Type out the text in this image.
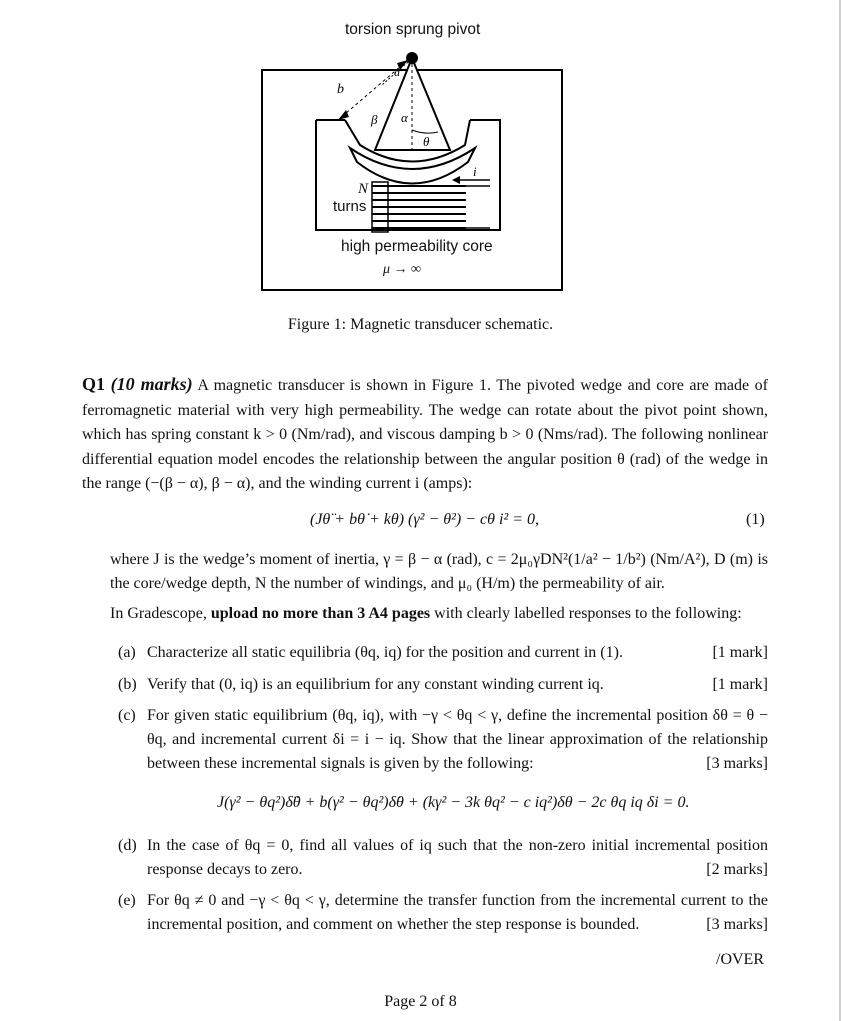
b
a
β α
θ
i
torsion sprung pivot
N
turns
high permeability core
μ → ∞
Figure 1: Magnetic transducer schematic.
Q1 (10 marks) A magnetic transducer is shown in Figure 1. The pivoted wedge and core are made of ferromagnetic material with very high permeability. The wedge can rotate about the pivot point shown, which has spring constant k > 0 (Nm/rad), and viscous damping b > 0 (Nms/rad). The following nonlinear differential equation model encodes the relationship between the angular position θ (rad) of the wedge in the range (−(β − α), β − α), and the winding current i (amps):
(Jθ̈ + bθ̇ + kθ) (γ² − θ²) − cθ i² = 0,	(1)
where J is the wedge’s moment of inertia, γ = β − α (rad), c = 2μ₀γDN²(1/a² − 1/b²) (Nm/A²), D (m) is the core/wedge depth, N the number of windings, and μ₀ (H/m) the permeability of air.
In Gradescope, upload no more than 3 A4 pages with clearly labelled responses to the following:
(a) Characterize all static equilibria (θq, iq) for the position and current in (1).	[1 mark]
(b) Verify that (0, iq) is an equilibrium for any constant winding current iq.	[1 mark]
(c) For given static equilibrium (θq, iq), with −γ < θq < γ, define the incremental position δθ = θ − θq, and incremental current δi = i − iq. Show that the linear approximation of the relationship between these incremental signals is given by the following:	[3 marks]
J(γ² − θq²)δ̈θ + b(γ² − θq²)δ̇θ + (kγ² − 3k θq² − c iq²)δθ − 2c θq iq δi = 0.
(d) In the case of θq = 0, find all values of iq such that the non-zero initial incremental position response decays to zero.	[2 marks]
(e) For θq ≠ 0 and −γ < θq < γ, determine the transfer function from the incremental current to the incremental position, and comment on whether the step response is bounded.	[3 marks]
/OVER
Page 2 of 8
